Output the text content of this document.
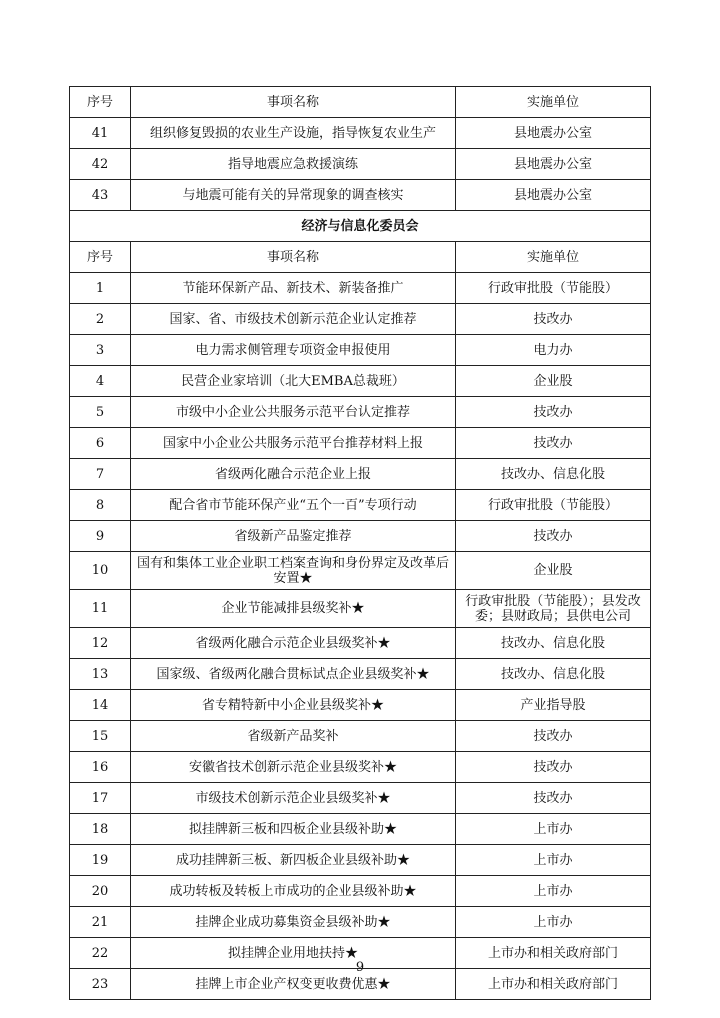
序号	事项名称	实施单位
41	组织修复毁损的农业生产设施，指导恢复农业生产	县地震办公室
42	指导地震应急救援演练	县地震办公室
43	与地震可能有关的异常现象的调查核实	县地震办公室
经济与信息化委员会		
序号	事项名称	实施单位
1	节能环保新产品、新技术、新装备推广	行政审批股（节能股）
2	国家、省、市级技术创新示范企业认定推荐	技改办
3	电力需求侧管理专项资金申报使用	电力办
4	民营企业家培训（北大EMBA总裁班）	企业股
5	市级中小企业公共服务示范平台认定推荐	技改办
6	国家中小企业公共服务示范平台推荐材料上报	技改办
7	省级两化融合示范企业上报	技改办、信息化股
8	配合省市节能环保产业“五个一百”专项行动	行政审批股（节能股）
9	省级新产品鉴定推荐	技改办
10	国有和集体工业企业职工档案查询和身份界定及改革后安置★	企业股
11	企业节能减排县级奖补★	行政审批股（节能股）；县发改委；县财政局；县供电公司
12	省级两化融合示范企业县级奖补★	技改办、信息化股
13	国家级、省级两化融合贯标试点企业县级奖补★	技改办、信息化股
14	省专精特新中小企业县级奖补★	产业指导股
15	省级新产品奖补	技改办
16	安徽省技术创新示范企业县级奖补★	技改办
17	市级技术创新示范企业县级奖补★	技改办
18	拟挂牌新三板和四板企业县级补助★	上市办
19	成功挂牌新三板、新四板企业县级补助★	上市办
20	成功转板及转板上市成功的企业县级补助★	上市办
21	挂牌企业成功募集资金县级补助★	上市办
22	拟挂牌企业用地扶持★	上市办和相关政府部门
23	挂牌上市企业产权变更收费优惠★	上市办和相关政府部门
9
